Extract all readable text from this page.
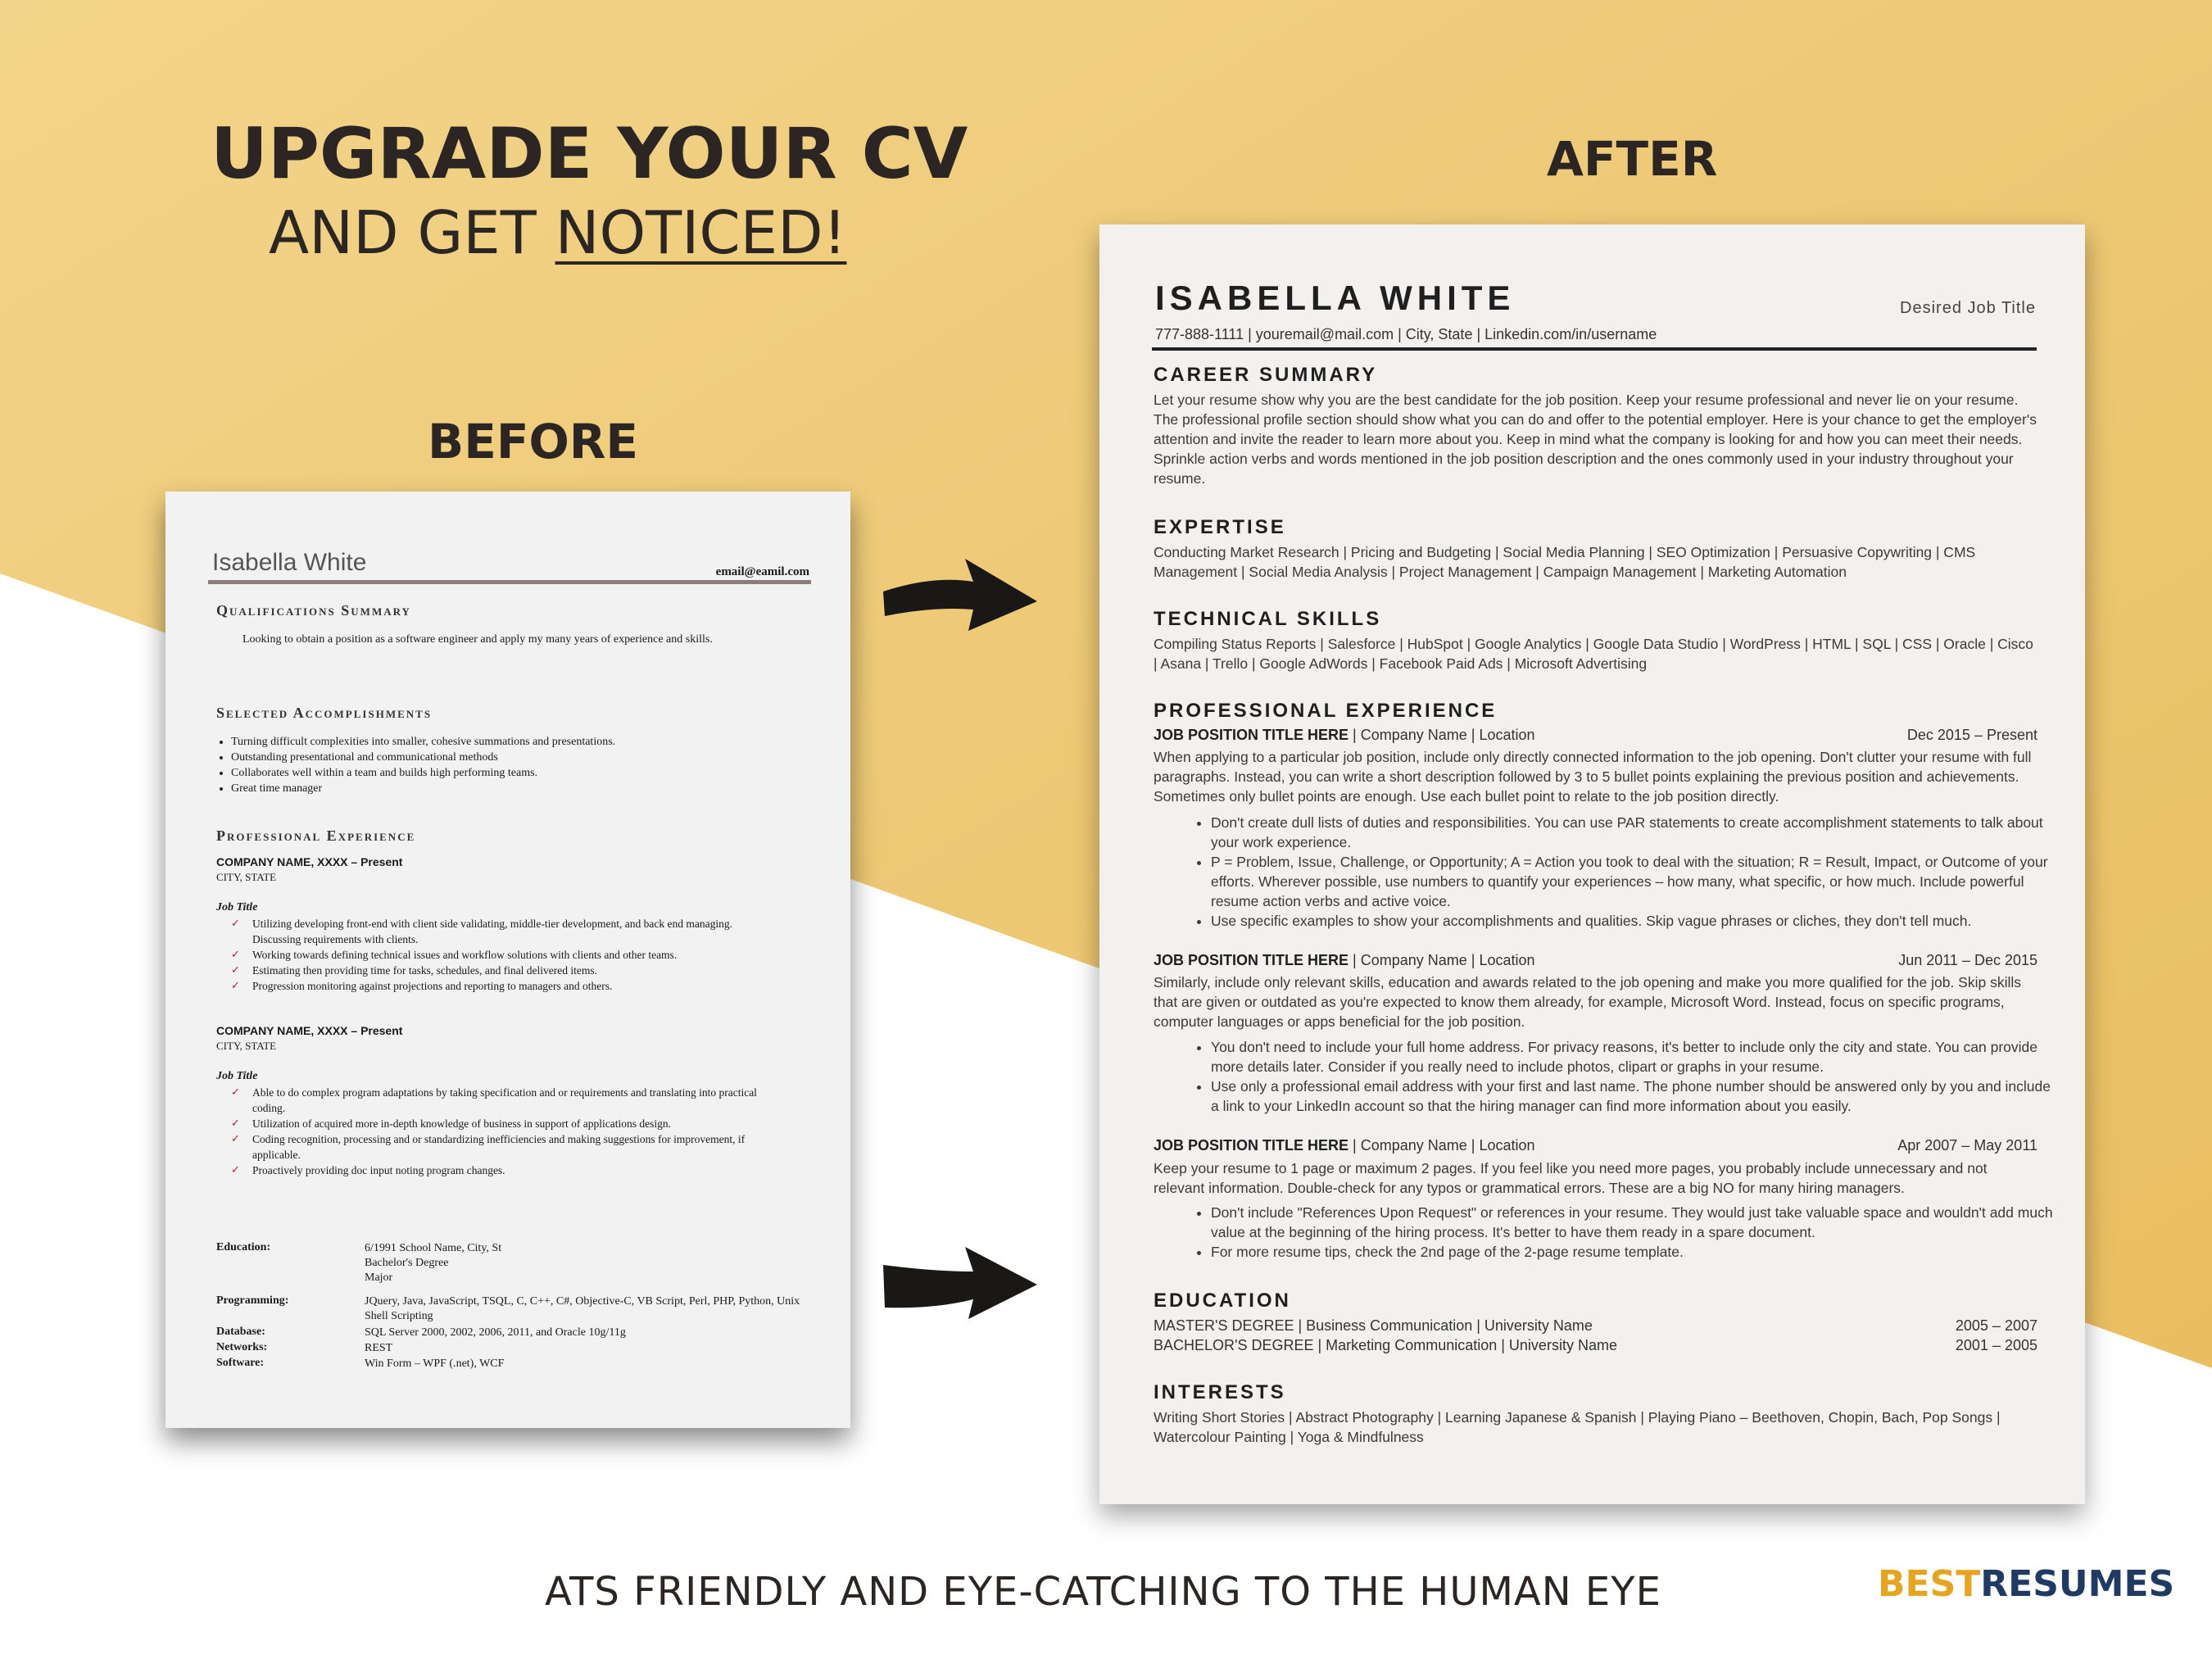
UPGRADE YOUR CV
AND GET NOTICED!
BEFORE
AFTER
Isabella White	email@eamil.com
Qualifications Summary
Looking to obtain a position as a software engineer and apply my many years of experience and skills.
Selected Accomplishments
• Turning difficult complexities into smaller, cohesive summations and presentations.
• Outstanding presentational and communicational methods
• Collaborates well within a team and builds high performing teams.
• Great time manager
Professional Experience
COMPANY NAME, XXXX – Present
CITY, STATE
Job Title
✓ Utilizing developing front-end with client side validating, middle-tier development, and back end managing. Discussing requirements with clients.
✓ Working towards defining technical issues and workflow solutions with clients and other teams.
✓ Estimating then providing time for tasks, schedules, and final delivered items.
✓ Progression monitoring against projections and reporting to managers and others.
COMPANY NAME, XXXX – Present
CITY, STATE
Job Title
✓ Able to do complex program adaptations by taking specification and or requirements and translating into practical coding.
✓ Utilization of acquired more in-depth knowledge of business in support of applications design.
✓ Coding recognition, processing and or standardizing inefficiencies and making suggestions for improvement, if applicable.
✓ Proactively providing doc input noting program changes.
Education:	6/1991 School Name, City, St
Bachelor's Degree
Major
Programming:	JQuery, Java, JavaScript, TSQL, C, C++, C#, Objective-C, VB Script, Perl, PHP, Python, Unix Shell Scripting
Database:	SQL Server 2000, 2002, 2006, 2011, and Oracle 10g/11g
Networks:	REST
Software:	Win Form – WPF (.net), WCF
ISABELLA WHITE	Desired Job Title
777-888-1111 | youremail@mail.com | City, State | Linkedin.com/in/username
CAREER SUMMARY

Let your resume show why you are the best candidate for the job position. Keep your resume professional and never lie on your resume. The professional profile section should show what you can do and offer to the potential employer. Here is your chance to get the employer's attention and invite the reader to learn more about you. Keep in mind what the company is looking for and how you can meet their needs. Sprinkle action verbs and words mentioned in the job position description and the ones commonly used in your industry throughout your resume.

EXPERTISE

Conducting Market Research | Pricing and Budgeting | Social Media Planning | SEO Optimization | Persuasive Copywriting | CMS Management | Social Media Analysis | Project Management | Campaign Management | Marketing Automation

TECHNICAL SKILLS

Compiling Status Reports | Salesforce | HubSpot | Google Analytics | Google Data Studio | WordPress | HTML | SQL | CSS | Oracle | Cisco | Asana | Trello | Google AdWords | Facebook Paid Ads | Microsoft Advertising

PROFESSIONAL EXPERIENCE
JOB POSITION TITLE HERE | Company Name | Location	Dec 2015 – Present

When applying to a particular job position, include only directly connected information to the job opening. Don't clutter your resume with full paragraphs. Instead, you can write a short description followed by 3 to 5 bullet points explaining the previous position and achievements. Sometimes only bullet points are enough. Use each bullet point to relate to the job position directly.

• Don't create dull lists of duties and responsibilities. You can use PAR statements to create accomplishment statements to talk about your work experience.
• P = Problem, Issue, Challenge, or Opportunity; A = Action you took to deal with the situation; R = Result, Impact, or Outcome of your efforts. Wherever possible, use numbers to quantify your experiences – how many, what specific, or how much. Include powerful resume action verbs and active voice.
• Use specific examples to show your accomplishments and qualities. Skip vague phrases or cliches, they don't tell much.
JOB POSITION TITLE HERE | Company Name | Location	Jun 2011 – Dec 2015

Similarly, include only relevant skills, education and awards related to the job opening and make you more qualified for the job. Skip skills that are given or outdated as you're expected to know them already, for example, Microsoft Word. Instead, focus on specific programs, computer languages or apps beneficial for the job position.

• You don't need to include your full home address. For privacy reasons, it's better to include only the city and state. You can provide more details later. Consider if you really need to include photos, clipart or graphs in your resume.
• Use only a professional email address with your first and last name. The phone number should be answered only by you and include a link to your LinkedIn account so that the hiring manager can find more information about you easily.
JOB POSITION TITLE HERE | Company Name | Location	Apr 2007 – May 2011

Keep your resume to 1 page or maximum 2 pages. If you feel like you need more pages, you probably include unnecessary and not relevant information. Double-check for any typos or grammatical errors. These are a big NO for many hiring managers.

• Don't include "References Upon Request" or references in your resume. They would just take valuable space and wouldn't add much value at the beginning of the hiring process. It's better to have them ready in a spare document.
• For more resume tips, check the 2nd page of the 2-page resume template.
EDUCATION
MASTER'S DEGREE | Business Communication | University Name	2005 – 2007
BACHELOR'S DEGREE | Marketing Communication | University Name	2001 – 2005
INTERESTS

Writing Short Stories | Abstract Photography | Learning Japanese & Spanish | Playing Piano – Beethoven, Chopin, Bach, Pop Songs | Watercolour Painting | Yoga & Mindfulness

ATS FRIENDLY AND EYE-CATCHING TO THE HUMAN EYE	BESTRESUMES
